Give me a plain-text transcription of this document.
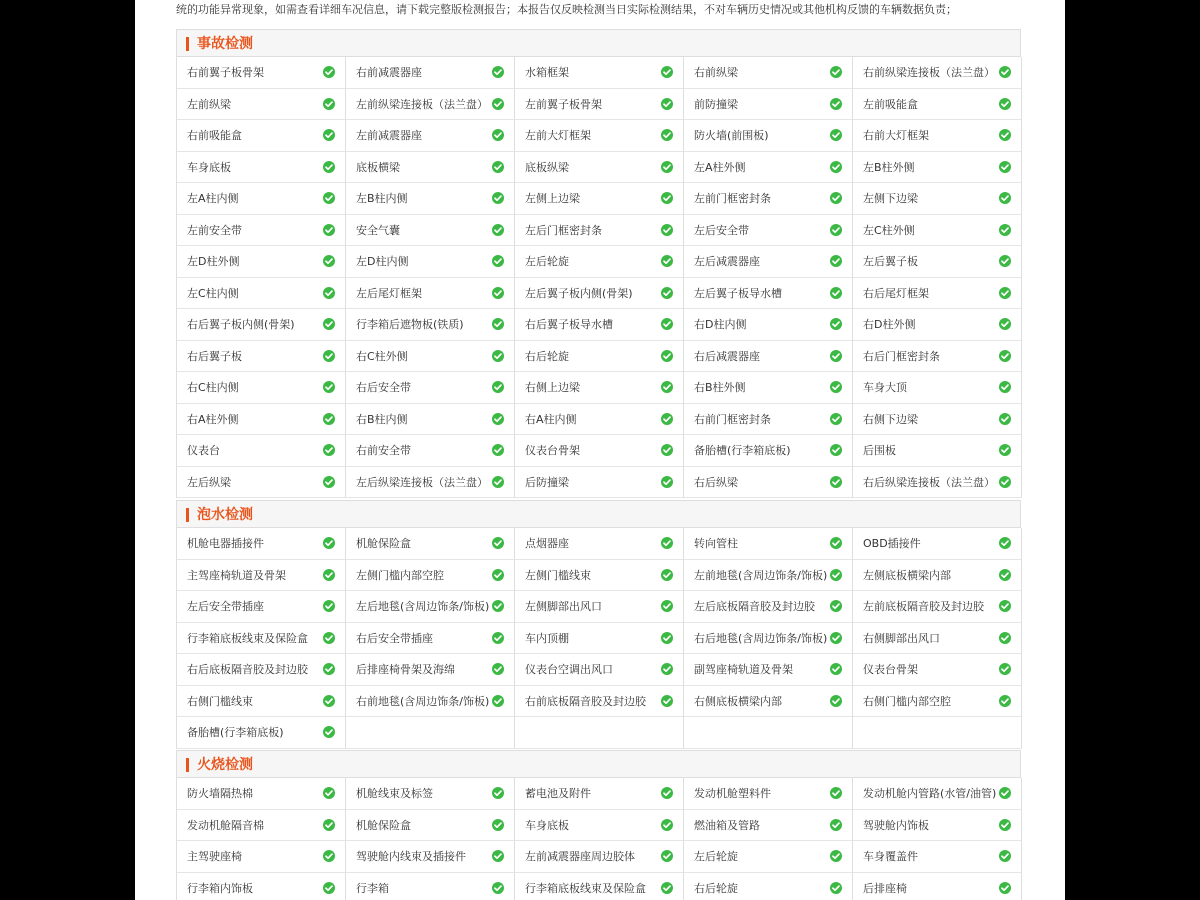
统的功能异常现象，如需查看详细车况信息，请下载完整版检测报告；本报告仅反映检测当日实际检测结果，不对车辆历史情况或其他机构反馈的车辆数据负责；
事故检测
右前翼子板骨架	右前减震器座	水箱框架	右前纵梁	右前纵梁连接板（法兰盘）
左前纵梁	左前纵梁连接板（法兰盘）	左前翼子板骨架	前防撞梁	左前吸能盒
右前吸能盒	左前减震器座	左前大灯框架	防火墙(前围板)	右前大灯框架
车身底板	底板横梁	底板纵梁	左A柱外侧	左B柱外侧
左A柱内侧	左B柱内侧	左侧上边梁	左前门框密封条	左侧下边梁
左前安全带	安全气囊	左后门框密封条	左后安全带	左C柱外侧
左D柱外侧	左D柱内侧	左后轮旋	左后减震器座	左后翼子板
左C柱内侧	左后尾灯框架	左后翼子板内侧(骨架)	左后翼子板导水槽	右后尾灯框架
右后翼子板内侧(骨架)	行李箱后遮物板(铁质)	右后翼子板导水槽	右D柱内侧	右D柱外侧
右后翼子板	右C柱外侧	右后轮旋	右后减震器座	右后门框密封条
右C柱内侧	右后安全带	右侧上边梁	右B柱外侧	车身大顶
右A柱外侧	右B柱内侧	右A柱内侧	右前门框密封条	右侧下边梁
仪表台	右前安全带	仪表台骨架	备胎槽(行李箱底板)	后围板
左后纵梁	左后纵梁连接板（法兰盘）	后防撞梁	右后纵梁	右后纵梁连接板（法兰盘）
泡水检测
机舱电器插接件	机舱保险盒	点烟器座	转向管柱	OBD插接件
主驾座椅轨道及骨架	左侧门槛内部空腔	左侧门槛线束	左前地毯(含周边饰条/饰板)	左侧底板横梁内部
左后安全带插座	左后地毯(含周边饰条/饰板)	左侧脚部出风口	左后底板隔音胶及封边胶	左前底板隔音胶及封边胶
行李箱底板线束及保险盒	右后安全带插座	车内顶棚	右后地毯(含周边饰条/饰板)	右侧脚部出风口
右后底板隔音胶及封边胶	后排座椅骨架及海绵	仪表台空调出风口	副驾座椅轨道及骨架	仪表台骨架
右侧门槛线束	右前地毯(含周边饰条/饰板)	右前底板隔音胶及封边胶	右侧底板横梁内部	右侧门槛内部空腔
备胎槽(行李箱底板)
火烧检测
防火墙隔热棉	机舱线束及标签	蓄电池及附件	发动机舱塑料件	发动机舱内管路(水管/油管)
发动机舱隔音棉	机舱保险盒	车身底板	燃油箱及管路	驾驶舱内饰板
主驾驶座椅	驾驶舱内线束及插接件	左前减震器座周边胶体	左后轮旋	车身覆盖件
行李箱内饰板	行李箱	行李箱底板线束及保险盒	右后轮旋	后排座椅
